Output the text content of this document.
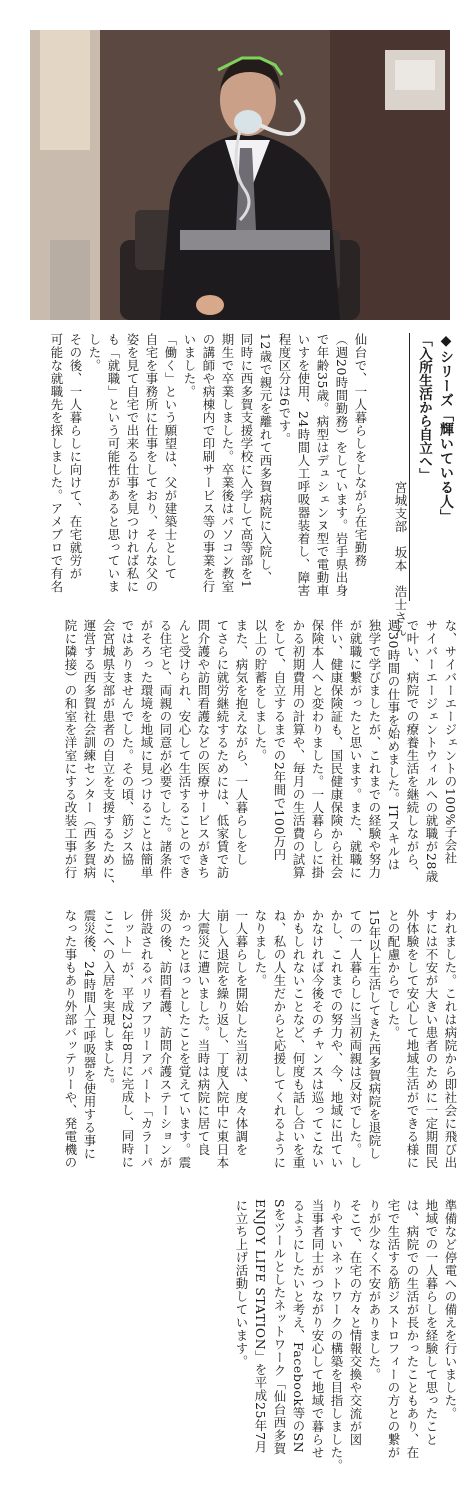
◆シリーズ「輝いている人」
「入所生活から自立へ」
宮城支部　坂本　浩士さん
仙台で、一人暮らしをしながら在宅勤務
（週20時間勤務）をしています。岩手県出身
で年齢35歳。病型はデュシェンヌ型で電動車
いすを使用、24時間人工呼吸器装着し、障害
程度区分は6です。
12歳で親元を離れて西多賀病院に入院し、
同時に西多賀支援学校に入学して高等部を1
期生で卒業しました。卒業後はパソコン教室
の講師や病棟内で印刷サービス等の事業を行
いました。
「働く」という願望は、父が建築士として
自宅を事務所に仕事をしており、そんな父の
姿を見て自宅で出来る仕事を見つければ私に
も「就職」という可能性があると思っていま
した。
その後、一人暮らしに向けて、在宅就労が
可能な就職先を探しました。アメブロで有名
な、サイバーエージェントの100%子会社
サイバーエージェントウィルへの就職が28歳
で叶い、病院での療養生活を継続しながら、
週30時間の仕事を始めました。ITスキルは
独学で学びましたが、これまでの経験や努力
が就職に繋がったと思います。また、就職に
伴い、健康保険証も、国民健康保険から社会
保険本人へと変わりました。一人暮らしに掛
かる初期費用の計算や、毎月の生活費の試算
をして、自立するまでの2年間で100万円
以上の貯蓄をしました。
また、病気を抱えながら、一人暮らしをし
てさらに就労継続するためには、低家賃で訪
問介護や訪問看護などの医療サービスがきち
んと受けられ、安心して生活することのでき
る住宅と、両親の同意が必要でした。諸条件
がそろった環境を地域に見つけることは簡単
ではありませんでした。その頃、筋ジス協
会宮城県支部が患者の自立を支援するために、
運営する西多賀社会訓練センター（西多賀病
院に隣接）の和室を洋室にする改装工事が行
われました。これは病院から即社会に飛び出
すには不安が大きい患者のために一定期間民
外体験をして安心して地域生活ができる様に
との配慮からでした。
15年以上生活してきた西多賀病院を退院し
ての一人暮らしに当初両親は反対でした。し
かし、これまでの努力や、今、地域に出てい
かなければ今後そのチャンスは巡ってこない
かもしれないことなど、何度も話し合いを重
ね、私の人生だからと応援してくれるように
なりました。
一人暮らしを開始した当初は、度々体調を
崩し入退院を繰り返し、丁度入院中に東日本
大震災に遭いました。当時は病院に居て良
かったとほっとしたことを覚えています。震
災の後、訪問看護、訪問介護ステーションが
併設されるバリアフリーアパート「カラーパ
レット」が、平成23年8月に完成し、同時に
ここへの入居を実現しました。
震災後、24時間人工呼吸器を使用する事に
なった事もあり外部バッテリーや、発電機の
準備など停電への備えを行いました。
地域での一人暮らしを経験して思ったこと
は、病院での生活が長かったこともあり、在
宅で生活する筋ジストロフィーの方との繋が
りが少なく不安がありました。
そこで、在宅の方々と情報交換や交流が図
りやすいネットワークの構築を目指しました。
当事者同士がつながり安心して地域で暮らせ
るようにしたいと考え、Facebook等のSN
Sをツールとしたネットワーク「仙台西多賀
ENJOY LIFE STATION」を平成25年7月
に立ち上げ活動しています。
